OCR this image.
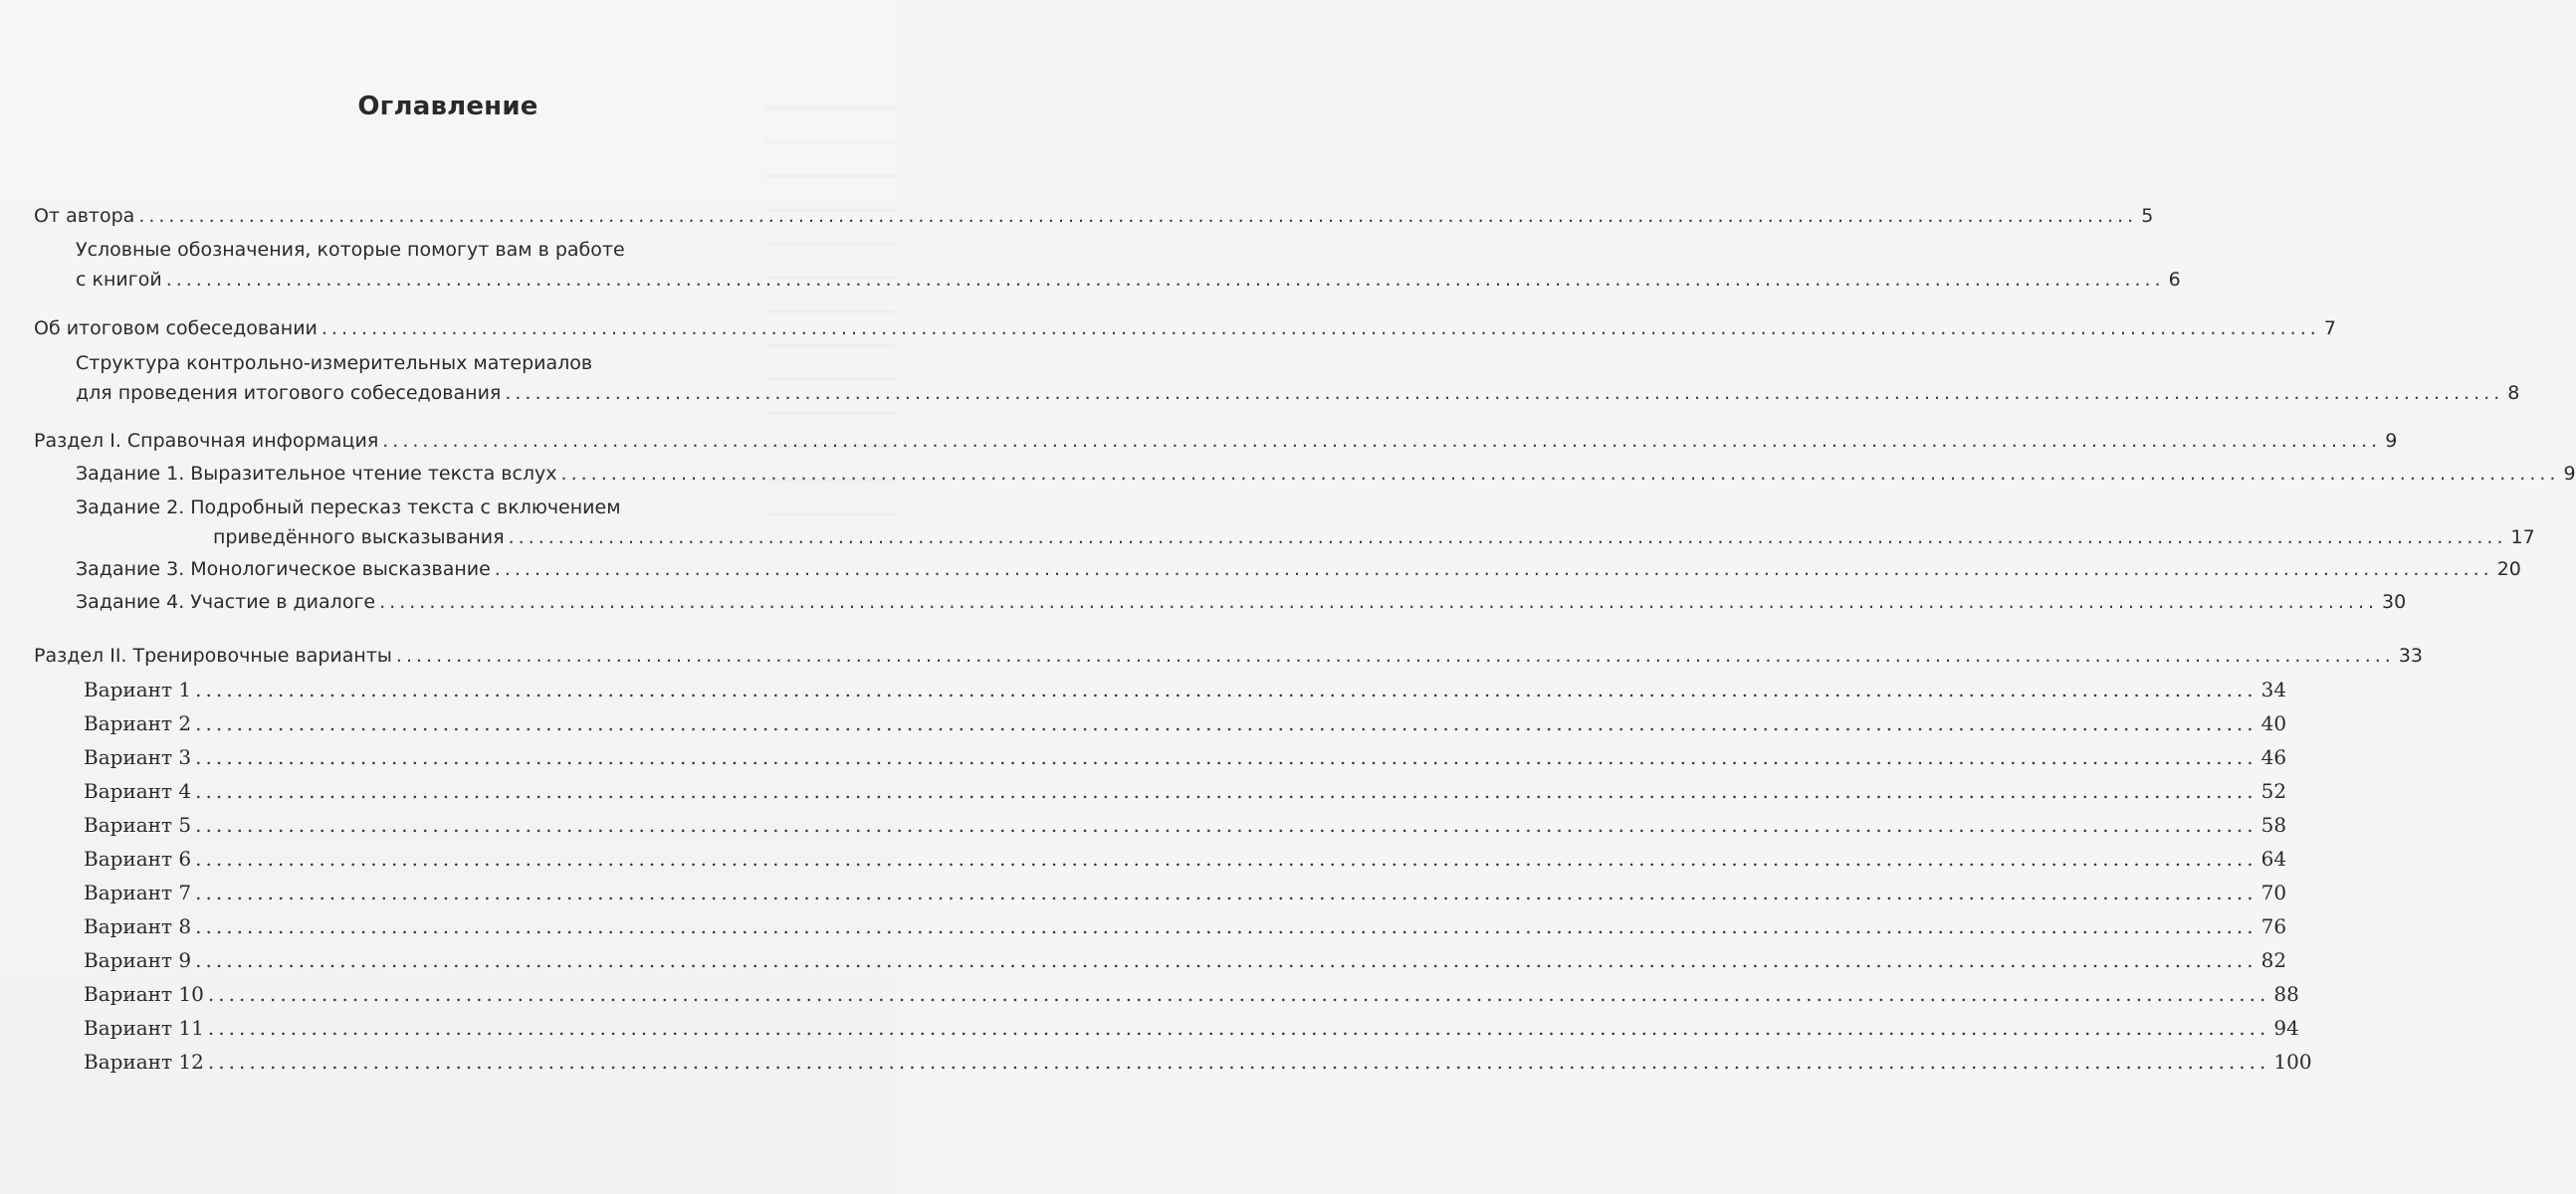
Оглавление
От автора ........................................................................................................................................................................................................ 5
Условные обозначения, которые помогут вам в работе
с книгой ........................................................................................................................................................................................................ 6
Об итоговом собеседовании ........................................................................................................................................................................................................ 7
Структура контрольно-измерительных материалов
для проведения итогового собеседования ........................................................................................................................................................................................................ 8
Раздел I. Справочная информация ........................................................................................................................................................................................................ 9
Задание 1. Выразительное чтение текста вслух ........................................................................................................................................................................................................ 9
Задание 2. Подробный пересказ текста с включением
приведённого высказывания ........................................................................................................................................................................................................ 17
Задание 3. Монологическое высказвание ........................................................................................................................................................................................................ 20
Задание 4. Участие в диалоге ........................................................................................................................................................................................................ 30
Раздел II. Тренировочные варианты ........................................................................................................................................................................................................ 33
Вариант 1 ........................................................................................................................................................................................................ 34
Вариант 2 ........................................................................................................................................................................................................ 40
Вариант 3 ........................................................................................................................................................................................................ 46
Вариант 4 ........................................................................................................................................................................................................ 52
Вариант 5 ........................................................................................................................................................................................................ 58
Вариант 6 ........................................................................................................................................................................................................ 64
Вариант 7 ........................................................................................................................................................................................................ 70
Вариант 8 ........................................................................................................................................................................................................ 76
Вариант 9 ........................................................................................................................................................................................................ 82
Вариант 10 ........................................................................................................................................................................................................ 88
Вариант 11 ........................................................................................................................................................................................................ 94
Вариант 12 ........................................................................................................................................................................................................ 100
